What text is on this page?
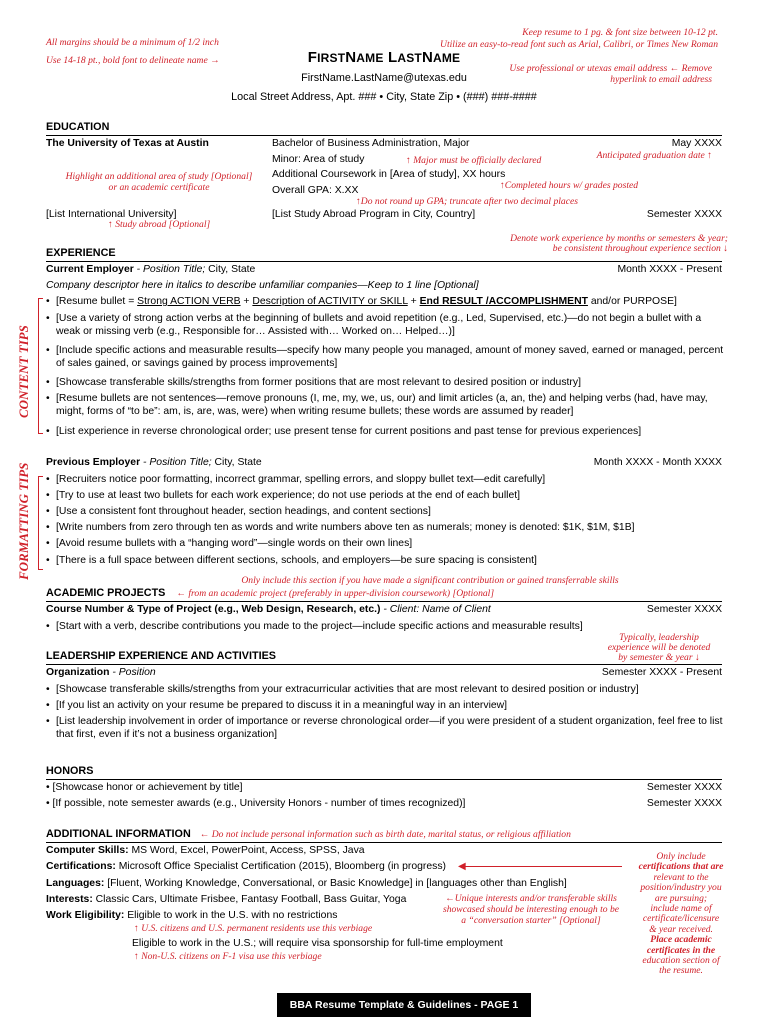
All margins should be a minimum of 1/2 inch
Use 14-18 pt., bold font to delineate name →
Keep resume to 1 pg. & font size between 10-12 pt.
Utilize an easy-to-read font such as Arial, Calibri, or Times New Roman
Use professional or utexas email address ← Remove
hyperlink to email address
FIRSTNAME LASTNAME
FirstName.LastName@utexas.edu
Local Street Address, Apt. ### • City, State Zip • (###) ###-####
EDUCATION
The University of Texas at Austin	Bachelor of Business Administration, Major	May XXXX
Minor: Area of study	↑ Major must be officially declared	Anticipated graduation date ↑
Highlight an additional area of study [Optional]
or an academic certificate
Additional Coursework in [Area of study], XX hours
↑Completed hours w/ grades posted
Overall GPA: X.XX
↑Do not round up GPA; truncate after two decimal places
[List International University]	[List Study Abroad Program in City, Country]	Semester XXXX
↑ Study abroad [Optional]
Denote work experience by months or semesters & year;
be consistent throughout experience section ↓
EXPERIENCE
Current Employer - Position Title; City, State	Month XXXX - Present
Company descriptor here in italics to describe unfamiliar companies—Keep to 1 line [Optional]
• [Resume bullet = Strong ACTION VERB + Description of ACTIVITY or SKILL + End RESULT /ACCOMPLISHMENT and/or PURPOSE]
• [Use a variety of strong action verbs at the beginning of bullets and avoid repetition (e.g., Led, Supervised, etc.)—do not begin a bullet with a weak or missing verb (e.g., Responsible for… Assisted with… Worked on… Helped…)]
• [Include specific actions and measurable results—specify how many people you managed, amount of money saved, earned or managed, percent of sales gained, or savings gained by process improvements]
• [Showcase transferable skills/strengths from former positions that are most relevant to desired position or industry]
• [Resume bullets are not sentences—remove pronouns (I, me, my, we, us, our) and limit articles (a, an, the) and helping verbs (had, have may, might, forms of “to be”: am, is, are, was, were) when writing resume bullets; these words are assumed by reader]
• [List experience in reverse chronological order; use present tense for current positions and past tense for previous experiences]
CONTENT TIPS
Previous Employer - Position Title; City, State	Month XXXX - Month XXXX
• [Recruiters notice poor formatting, incorrect grammar, spelling errors, and sloppy bullet text—edit carefully]
• [Try to use at least two bullets for each work experience; do not use periods at the end of each bullet]
• [Use a consistent font throughout header, section headings, and content sections]
• [Write numbers from zero through ten as words and write numbers above ten as numerals; money is denoted: $1K, $1M, $1B]
• [Avoid resume bullets with a “hanging word”—single words on their own lines]
• [There is a full space between different sections, schools, and employers—be sure spacing is consistent]
FORMATTING TIPS
Only include this section if you have made a significant contribution or gained transferrable skills
ACADEMIC PROJECTS ← from an academic project (preferably in upper-division coursework) [Optional]
Course Number & Type of Project (e.g., Web Design, Research, etc.) - Client: Name of Client	Semester XXXX
• [Start with a verb, describe contributions you made to the project—include specific actions and measurable results]
Typically, leadership
experience will be denoted
by semester & year ↓
LEADERSHIP EXPERIENCE AND ACTIVITIES
Organization - Position	Semester XXXX - Present
• [Showcase transferable skills/strengths from your extracurricular activities that are most relevant to desired position or industry]
• [If you list an activity on your resume be prepared to discuss it in a meaningful way in an interview]
• [List leadership involvement in order of importance or reverse chronological order—if you were president of a student organization, feel free to list that first, even if it’s not a business organization]
HONORS
• [Showcase honor or achievement by title]	Semester XXXX
• [If possible, note semester awards (e.g., University Honors - number of times recognized)]	Semester XXXX
ADDITIONAL INFORMATION ← Do not include personal information such as birth date, marital status, or religious affiliation
Computer Skills: MS Word, Excel, PowerPoint, Access, SPSS, Java
Certifications: Microsoft Office Specialist Certification (2015), Bloomberg (in progress)	◀
Languages: [Fluent, Working Knowledge, Conversational, or Basic Knowledge] in [languages other than English]
Interests: Classic Cars, Ultimate Frisbee, Fantasy Football, Bass Guitar, Yoga	←Unique interests and/or transferable skills
showcased should be interesting enough to be
a “conversation starter” [Optional]
Work Eligibility: Eligible to work in the U.S. with no restrictions
↑ U.S. citizens and U.S. permanent residents use this verbiage
Eligible to work in the U.S.; will require visa sponsorship for full-time employment
↑ Non-U.S. citizens on F-1 visa use this verbiage
Only include
certifications that are
relevant to the
position/industry you
are pursuing;
include name of
certificate/licensure
& year received.
Place academic
certificates in the
education section of
the resume.
BBA Resume Template & Guidelines - PAGE 1
